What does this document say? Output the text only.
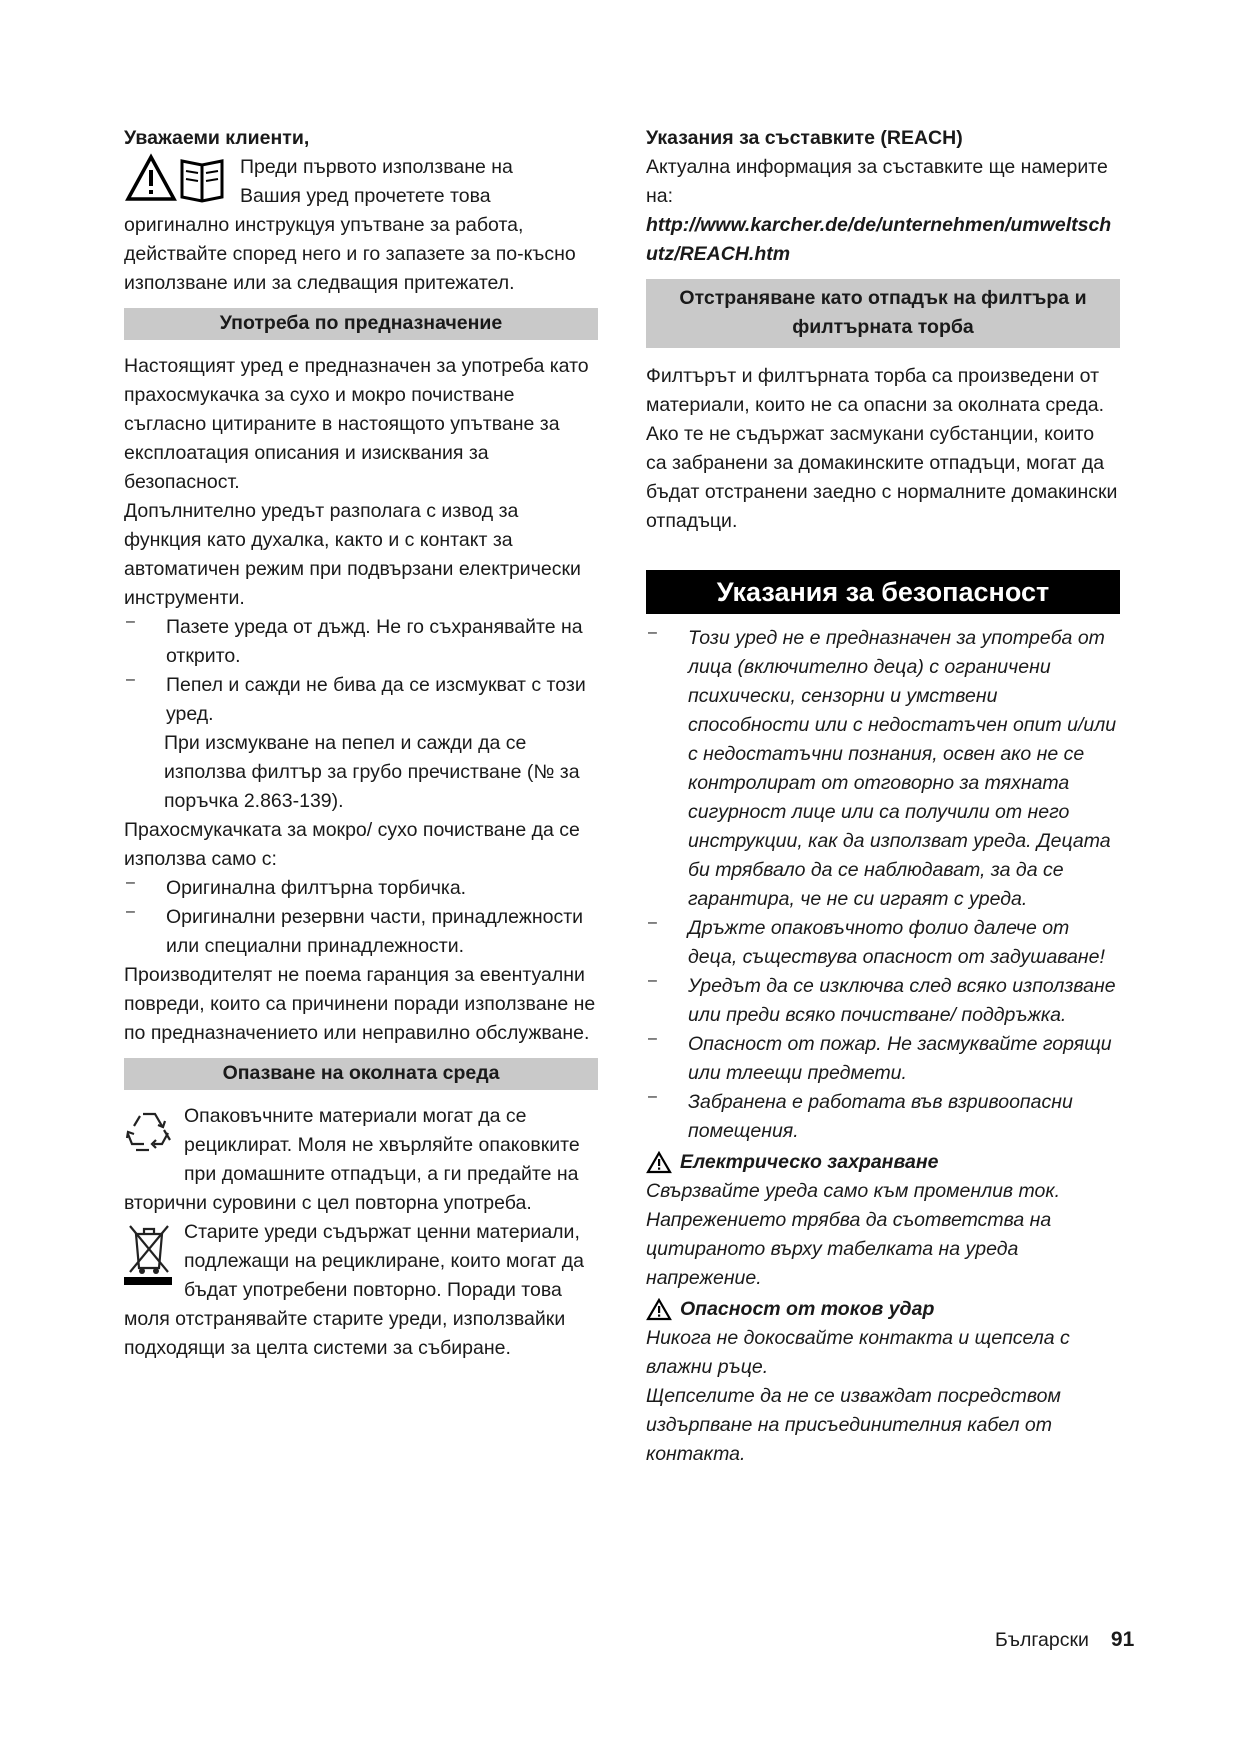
Уважаеми клиенти,

Преди първото използване на

Вашия уред прочетете това

оригинално инструкцуя упътване за работа, действайте според него и го запазете за по-късно използване или за следващия притежател.

Употреба по предназначение

Настоящият уред е предназначен за употреба като прахосмукачка за сухо и мокро почистване съгласно цитираните в настоящото упътване за експлоатация описания и изисквания за безопасност.

Допълнително уредът разполага с извод за функция като духалка, както и с контакт за автоматичен режим при подвързани електрически инструменти.

–	Пазете уреда от дъжд. Не го съхранявайте на открито.

–	Пепел и сажди не бива да се изсмукват с този уред.

При изсмукване на пепел и сажди да се използва филтър за грубо пречистване (№ за поръчка 2.863-139).

Прахосмукачката за мокро/ сухо почистване да се използва само с:

–	Оригинална филтърна торбичка.

–	Оригинални резервни части, принадлежности или специални принадлежности.

Производителят не поема гаранция за евентуални повреди, които са причинени поради използване не по предназначението или неправилно обслужване.

Опазване на околната среда

Опаковъчните материали могат да се рециклират. Моля не хвърляйте опаковките при домашните отпадъци, а ги предайте на вторични суровини с цел повторна употреба.

Старите уреди съдържат ценни материали, подлежащи на рециклиране, които могат да бъдат употребени повторно. Поради това моля отстранявайте старите уреди, използвайки подходящи за целта системи за събиране.

Указания за съставките (REACH)

Актуална информация за съставките ще намерите на:

http://www.karcher.de/de/unternehmen/umweltschutz/REACH.htm

Отстраняване като отпадък на филтъра и филтърната торба

Филтърът и филтърната торба са произведени от материали, които не са опасни за околната среда.

Ако те не съдържат засмукани субстанции, които са забранени за домакинските отпадъци, могат да бъдат отстранени заедно с нормалните домакински отпадъци.

Указания за безопасност
–	Този уред не е предназначен за употреба от лица (включително деца) с ограничени психически, сензорни и умствени способности или с недостатъчен опит и/или с недостатъчни познания, освен ако не се контролират от отговорно за тяхната сигурност лице или са получили от него инструкции, как да използват уреда. Децата би трябвало да се наблюдават, за да се гарантира, че не си играят с уреда.

–	Дръжте опаковъчното фолио далече от деца, съществува опасност от задушаване!

–	Уредът да се изключва след всяко използване или преди всяко почистване/ поддръжка.

–	Опасност от пожар. Не засмуквайте горящи или тлеещи предмети.

–	Забранена е работата във взривоопасни помещения.

Електрическо захранване

Свързвайте уреда само към променлив ток. Напрежението трябва да съответства на цитираното върху табелката на уреда напрежение.

Опасност от токов удар

Никога не докосвайте контакта и щепсела с влажни ръце.

Щепселите да не се изваждат посредством издърпване на присъединителния кабел от контакта.

Български 91
